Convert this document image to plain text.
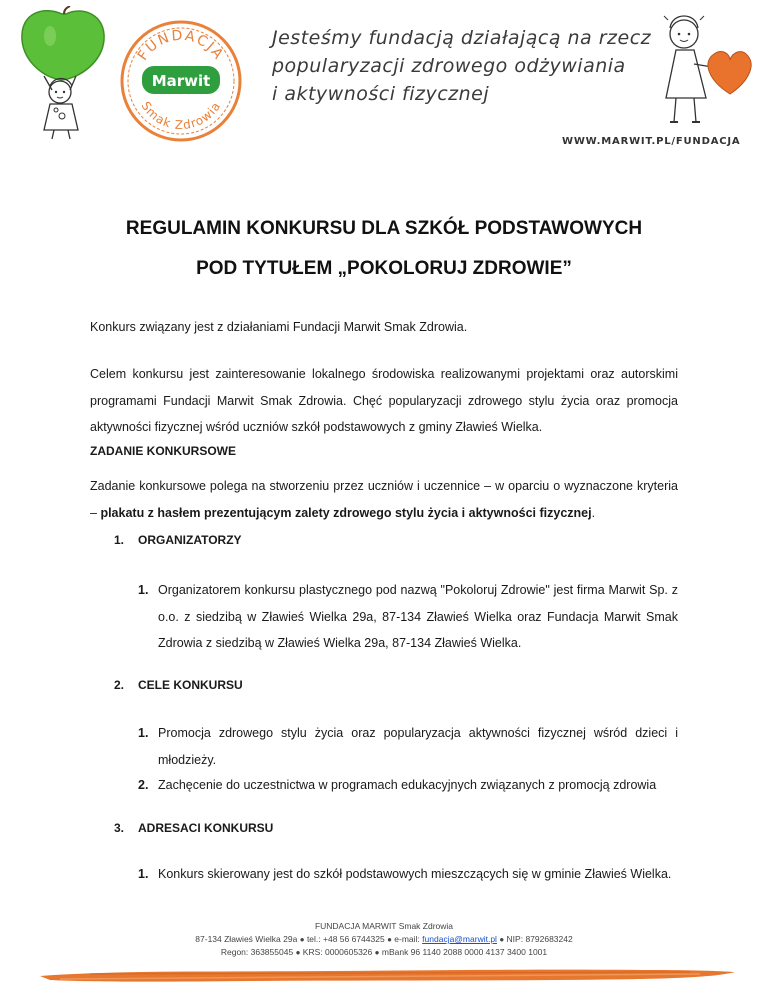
FUNDACJA
Marwit
Smak Zdrowia
Jesteśmy fundacją działającą na rzecz
popularyzacji zdrowego odżywiania
i aktywności fizycznej
WWW.MARWIT.PL/FUNDACJA
REGULAMIN KONKURSU DLA SZKÓŁ PODSTAWOWYCH
POD TYTUŁEM „POKOLORUJ ZDROWIE”
Konkurs związany jest z działaniami Fundacji Marwit Smak Zdrowia.
Celem konkursu jest zainteresowanie lokalnego środowiska realizowanymi projektami oraz autorskimi programami Fundacji Marwit Smak Zdrowia. Chęć popularyzacji zdrowego stylu życia oraz promocja aktywności fizycznej wśród uczniów szkół podstawowych z gminy Zławieś Wielka.
ZADANIE KONKURSOWE
Zadanie konkursowe polega na stworzeniu przez uczniów i uczennice – w oparciu o wyznaczone kryteria – plakatu z hasłem prezentującym zalety zdrowego stylu życia i aktywności fizycznej.
1. ORGANIZATORZY
1. Organizatorem konkursu plastycznego pod nazwą "Pokoloruj Zdrowie" jest firma Marwit Sp. z o.o. z siedzibą w Zławieś Wielka 29a, 87-134 Zławieś Wielka oraz Fundacja Marwit Smak Zdrowia z siedzibą w Zławieś Wielka 29a, 87-134 Zławieś Wielka.
2. CELE KONKURSU
1. Promocja zdrowego stylu życia oraz popularyzacja aktywności fizycznej wśród dzieci i młodzieży.
2. Zachęcenie do uczestnictwa w programach edukacyjnych związanych z promocją zdrowia
3. ADRESACI KONKURSU
1. Konkurs skierowany jest do szkół podstawowych mieszczących się w gminie Zławieś Wielka.
FUNDACJA MARWIT Smak Zdrowia
87-134 Zławieś Wielka 29a ● tel.: +48 56 6744325 ● e-mail: fundacja@marwit.pl ● NIP: 8792683242
Regon: 363855045 ● KRS: 0000605326 ● mBank 96 1140 2088 0000 4137 3400 1001
